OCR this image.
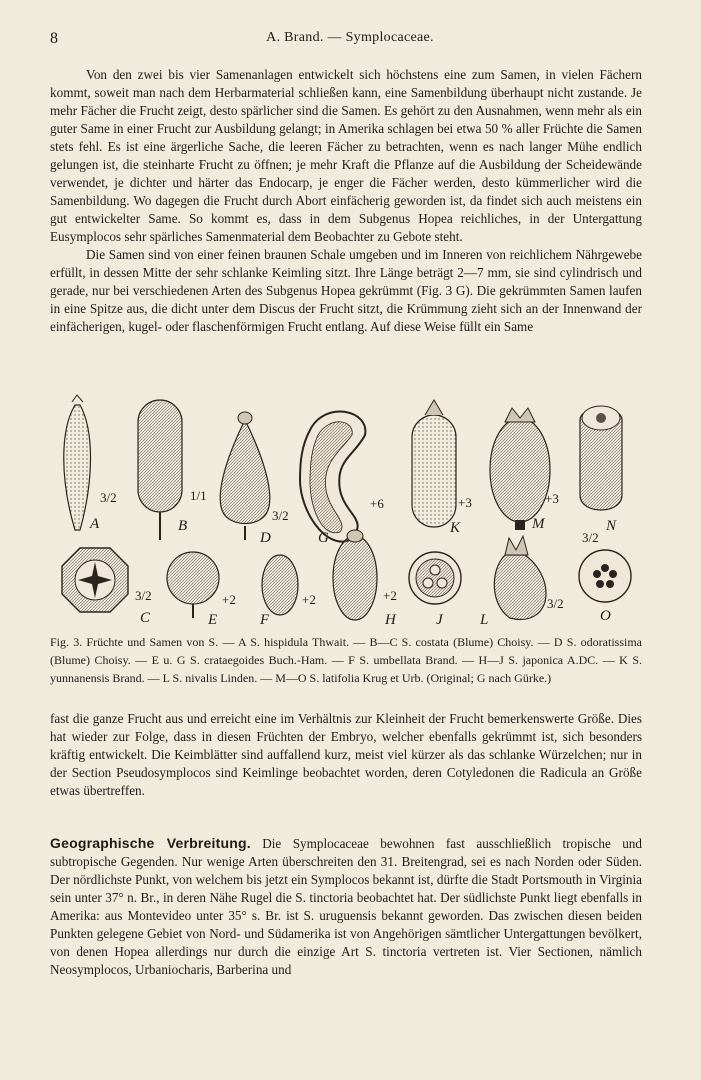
8	A. Brand. — Symplocaceae.

Von den zwei bis vier Samenanlagen entwickelt sich höchstens eine zum Samen, in vielen Fächern kommt, soweit man nach dem Herbarmaterial schließen kann, eine Samenbildung überhaupt nicht zustande. Je mehr Fächer die Frucht zeigt, desto spärlicher sind die Samen. Es gehört zu den Ausnahmen, wenn mehr als ein guter Same in einer Frucht zur Ausbildung gelangt; in Amerika schlagen bei etwa 50 % aller Früchte die Samen stets fehl. Es ist eine ärgerliche Sache, die leeren Fächer zu betrachten, wenn es nach langer Mühe endlich gelungen ist, die steinharte Frucht zu öffnen; je mehr Kraft die Pflanze auf die Ausbildung der Scheidewände verwendet, je dichter und härter das Endocarp, je enger die Fächer werden, desto kümmerlicher wird die Samenbildung. Wo dagegen die Frucht durch Abort einfächerig geworden ist, da findet sich auch meistens ein gut entwickelter Same. So kommt es, dass in dem Subgenus Hopea reichliches, in der Untergattung Eusymplocos sehr spärliches Samenmaterial dem Beobachter zu Gebote steht.

Die Samen sind von einer feinen braunen Schale umgeben und im Inneren von reichlichem Nährgewebe erfüllt, in dessen Mitte der sehr schlanke Keimling sitzt. Ihre Länge beträgt 2—7 mm, sie sind cylindrisch und gerade, nur bei verschiedenen Arten des Subgenus Hopea gekrümmt (Fig. 3 G). Die gekrümmten Samen laufen in eine Spitze aus, die dicht unter dem Discus der Frucht sitzt, die Krümmung zieht sich an der Innenwand der einfächerigen, kugel- oder flaschenförmigen Frucht entlang. Auf diese Weise füllt ein Same

3/2
A
1/1
B
3/2
D
+6
G
+3
K
+3
M	N
3/2
3/2
C
+2
E	F
+2	+2
H	J L
3/2
O

Fig. 3. Früchte und Samen von S. — A S. hispidula Thwait. — B—C S. costata (Blume) Choisy. — D S. odoratissima (Blume) Choisy. — E u. G S. crataegoides Buch.-Ham. — F S. umbellata Brand. — H—J S. japonica A.DC. — K S. yunnanensis Brand. — L S. nivalis Linden. — M—O S. latifolia Krug et Urb. (Original; G nach Gürke.)

fast die ganze Frucht aus und erreicht eine im Verhältnis zur Kleinheit der Frucht bemerkenswerte Größe. Dies hat wieder zur Folge, dass in diesen Früchten der Embryo, welcher ebenfalls gekrümmt ist, sich besonders kräftig entwickelt. Die Keimblätter sind auffallend kurz, meist viel kürzer als das schlanke Würzelchen; nur in der Section Pseudosymplocos sind Keimlinge beobachtet worden, deren Cotyledonen die Radicula an Größe etwas übertreffen.

Geographische Verbreitung. Die Symplocaceae bewohnen fast ausschließlich tropische und subtropische Gegenden. Nur wenige Arten überschreiten den 31. Breitengrad, sei es nach Norden oder Süden. Der nördlichste Punkt, von welchem bis jetzt ein Symplocos bekannt ist, dürfte die Stadt Portsmouth in Virginia sein unter 37° n. Br., in deren Nähe Rugel die S. tinctoria beobachtet hat. Der südlichste Punkt liegt ebenfalls in Amerika: aus Montevideo unter 35° s. Br. ist S. uruguensis bekannt geworden. Das zwischen diesen beiden Punkten gelegene Gebiet von Nord- und Südamerika ist von Angehörigen sämtlicher Untergattungen bevölkert, von denen Hopea allerdings nur durch die einzige Art S. tinctoria vertreten ist. Vier Sectionen, nämlich Neosymplocos, Urbaniocharis, Barberina und
